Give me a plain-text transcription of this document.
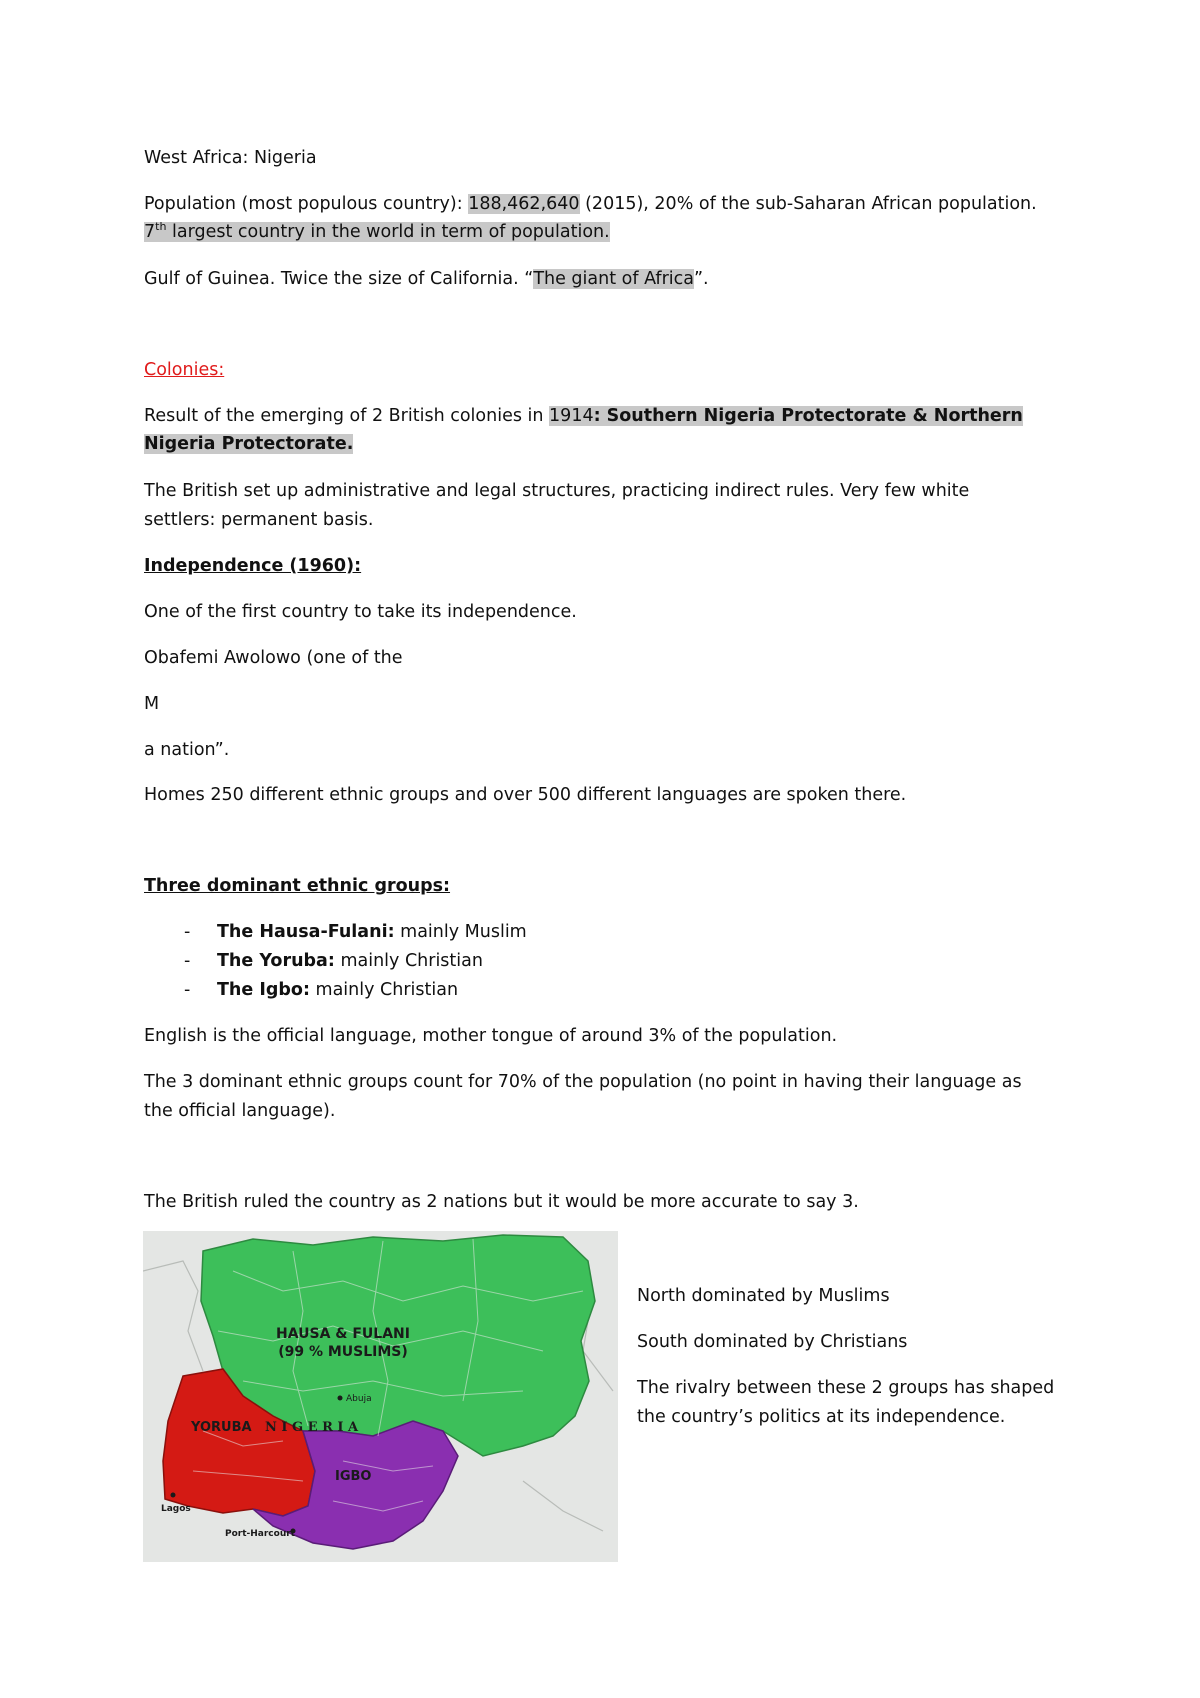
West Africa: Nigeria
Population (most populous country): 188,462,640 (2015), 20% of the sub-Saharan African population.
7th largest country in the world in term of population.
Gulf of Guinea. Twice the size of California. “The giant of Africa”.
Colonies:
Result of the emerging of 2 British colonies in 1914: Southern Nigeria Protectorate & Northern
Nigeria Protectorate.
The British set up administrative and legal structures, practicing indirect rules. Very few white
settlers: permanent basis.
Independence (1960):
One of the first country to take its independence.
Obafemi Awolowo (one of the
M
a nation”.
Homes 250 different ethnic groups and over 500 different languages are spoken there.
Three dominant ethnic groups:
- The Hausa-Fulani: mainly Muslim
- The Yoruba: mainly Christian
- The Igbo: mainly Christian
English is the official language, mother tongue of around 3% of the population.
The 3 dominant ethnic groups count for 70% of the population (no point in having their language as
the official language).
The British ruled the country as 2 nations but it would be more accurate to say 3.
HAUSA & FULANI
(99 % MUSLIMS)
Abuja
YORUBA N I G E R I A
IGBO
Lagos
Port-Harcourt
North dominated by Muslims
South dominated by Christians
The rivalry between these 2 groups has shaped
the country’s politics at its independence.
